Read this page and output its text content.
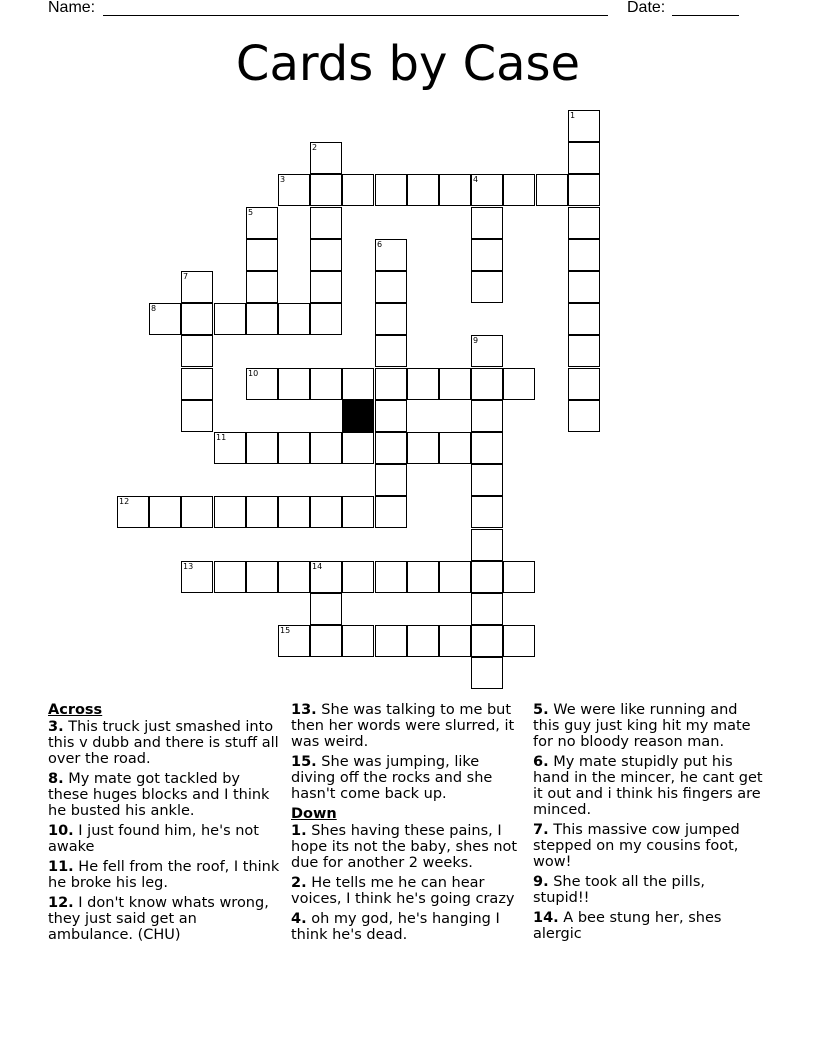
Name:	Date:
Cards by Case
1
2
3	4
5
6
7
8
9
10
11
12
13	14
15
Across
3. This truck just smashed into this v dubb and there is stuff all over the road.
8. My mate got tackled by these huges blocks and I think he busted his ankle.
10. I just found him, he's not awake
11. He fell from the roof, I think he broke his leg.
12. I don't know whats wrong, they just said get an ambulance. (CHU)
13. She was talking to me but then her words were slurred, it was weird.
15. She was jumping, like diving off the rocks and she hasn't come back up.
Down
1. Shes having these pains, I hope its not the baby, shes not due for another 2 weeks.
2. He tells me he can hear voices, I think he's going crazy
4. oh my god, he's hanging I think he's dead.
5. We were like running and this guy just king hit my mate for no bloody reason man.
6. My mate stupidly put his hand in the mincer, he cant get it out and i think his fingers are minced.
7. This massive cow jumped stepped on my cousins foot, wow!
9. She took all the pills, stupid!!
14. A bee stung her, shes alergic
